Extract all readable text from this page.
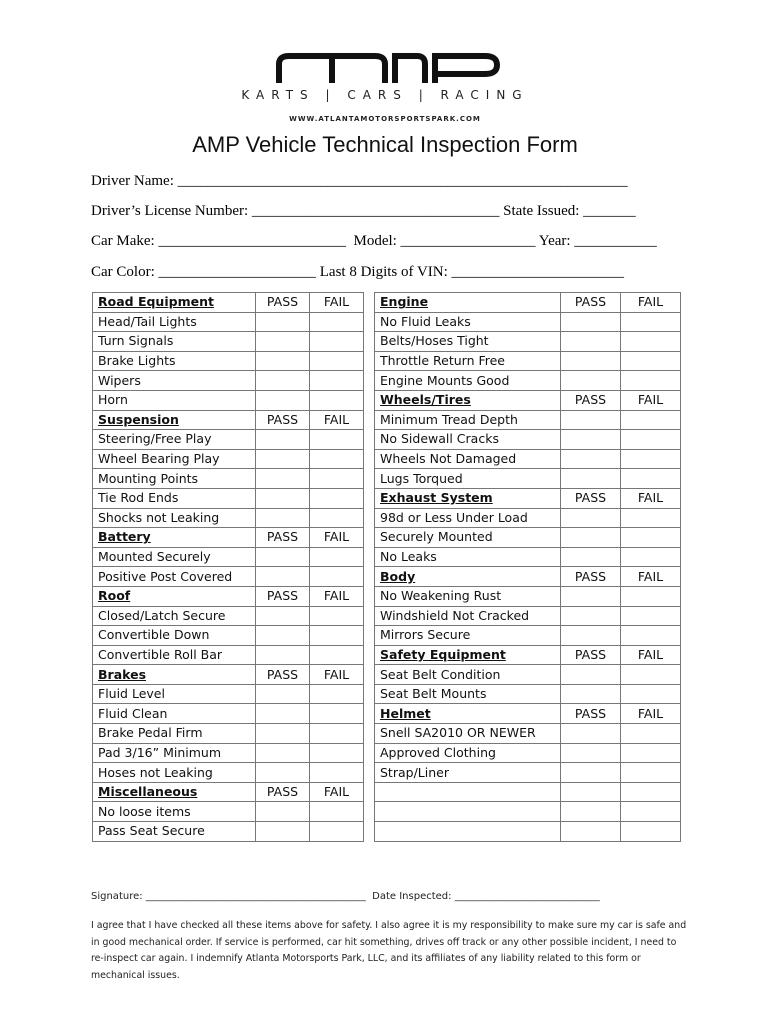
KARTS | CARS | RACING
WWW.ATLANTAMOTORSPORTSPARK.COM
AMP Vehicle Technical Inspection Form
Driver Name: ____________________________________________________________
Driver’s License Number: _________________________________ State Issued: _______
Car Make: _________________________  Model: __________________ Year: ___________
Car Color: _____________________ Last 8 Digits of VIN: _______________________
Road Equipment	PASS	FAIL
Head/Tail Lights		
Turn Signals		
Brake Lights		
Wipers		
Horn		
Suspension	PASS	FAIL
Steering/Free Play		
Wheel Bearing Play		
Mounting Points		
Tie Rod Ends		
Shocks not Leaking		
Battery	PASS	FAIL
Mounted Securely		
Positive Post Covered		
Roof	PASS	FAIL
Closed/Latch Secure		
Convertible Down		
Convertible Roll Bar		
Brakes	PASS	FAIL
Fluid Level		
Fluid Clean		
Brake Pedal Firm		
Pad 3/16” Minimum		
Hoses not Leaking		
Miscellaneous	PASS	FAIL
No loose items		
Pass Seat Secure		
Engine	PASS	FAIL
No Fluid Leaks		
Belts/Hoses Tight		
Throttle Return Free		
Engine Mounts Good		
Wheels/Tires	PASS	FAIL
Minimum Tread Depth		
No Sidewall Cracks		
Wheels Not Damaged		
Lugs Torqued		
Exhaust System	PASS	FAIL
98d or Less Under Load		
Securely Mounted		
No Leaks		
Body	PASS	FAIL
No Weakening Rust		
Windshield Not Cracked		
Mirrors Secure		
Safety Equipment	PASS	FAIL
Seat Belt Condition		
Seat Belt Mounts		
Helmet	PASS	FAIL
Snell SA2010 OR NEWER		
Approved Clothing		
Strap/Liner		

Signature: ____________________________________________  Date Inspected: _____________________________
I agree that I have checked all these items above for safety. I also agree it is my responsibility to make sure my car is safe and in good mechanical order. If service is performed, car hit something, drives off track or any other possible incident, I need to re-inspect car again. I indemnify Atlanta Motorsports Park, LLC, and its affiliates of any liability related to this form or mechanical issues.
